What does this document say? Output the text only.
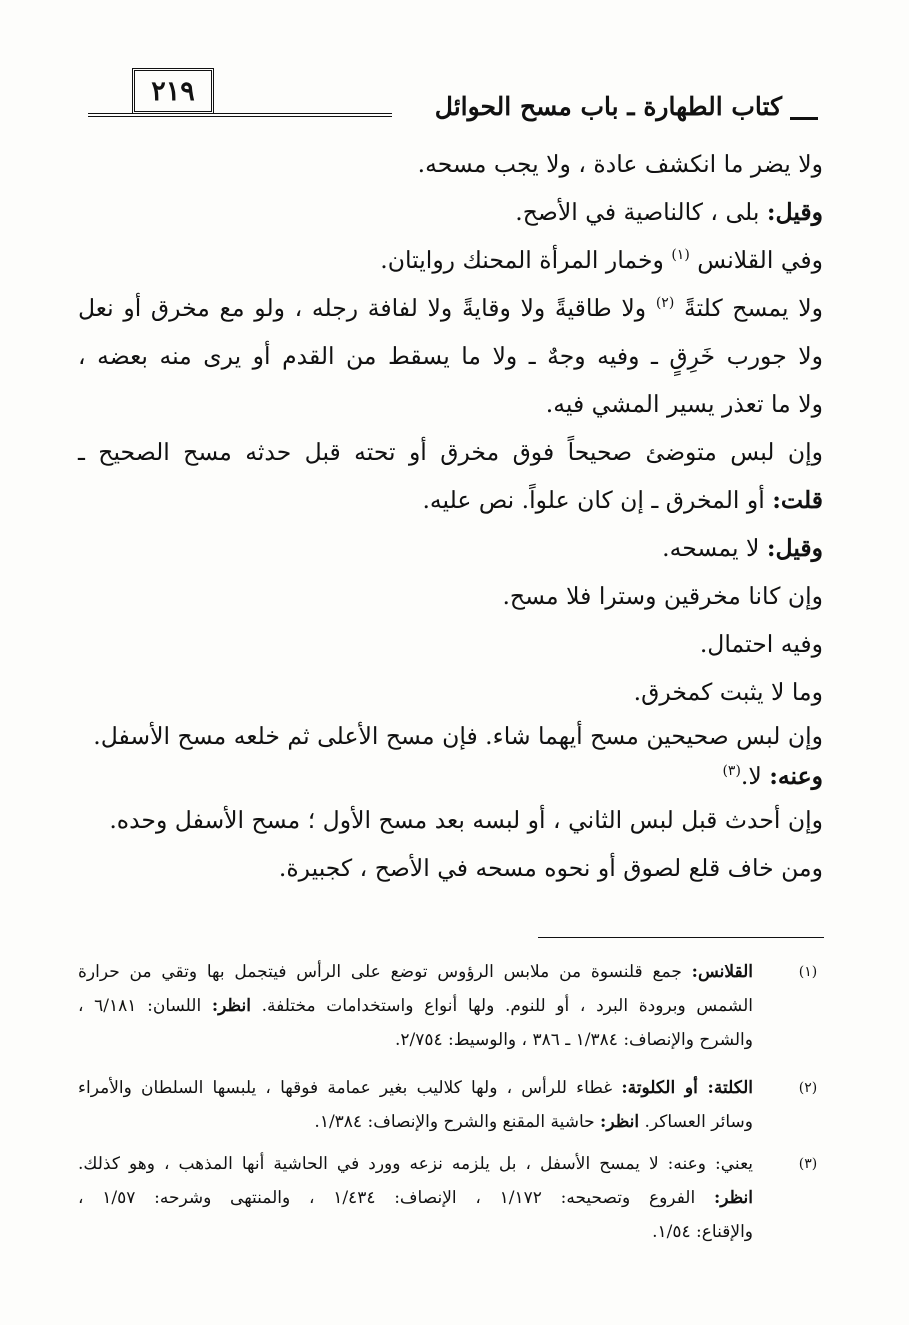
٢١٩	كتاب الطهارة ـ باب مسح الحوائل
ولا يضر ما انكشف عادة ، ولا يجب مسحه.
وقيل: بلى ، كالناصية في الأصح.
وفي القلانس $^{(١)}$ وخمار المرأة المحنك روايتان.
ولا يمسح كلتةً $^{(٢)}$ ولا طاقيةً ولا وقايةً ولا لفافة رجله ، ولو مع مخرق أو نعل
ولا جورب خَرِقٍ ـ وفيه وجهٌ ـ ولا ما يسقط من القدم أو يرى منه بعضه ،
ولا ما تعذر يسير المشي فيه.
وإن لبس متوضئ صحيحاً فوق مخرق أو تحته قبل حدثه مسح الصحيح ـ
قلت: أو المخرق ـ إن كان علواً. نص عليه.
وقيل: لا يمسحه.
وإن كانا مخرقين وسترا فلا مسح.
وفيه احتمال.
وما لا يثبت كمخرق.
وإن لبس صحيحين مسح أيهما شاء. فإن مسح الأعلى ثم خلعه مسح الأسفل.
وعنه: لا.$^{(٣)}$
وإن أحدث قبل لبس الثاني ، أو لبسه بعد مسح الأول ؛ مسح الأسفل وحده.
ومن خاف قلع لصوق أو نحوه مسحه في الأصح ، كجبيرة.
(١)
القلانس: جمع قلنسوة من ملابس الرؤوس توضع على الرأس فيتجمل بها وتقي من حرارة
الشمس وبرودة البرد ، أو للنوم. ولها أنواع واستخدامات مختلفة. انظر: اللسان: ٦/١٨١ ،
والشرح والإنصاف: ١/٣٨٤ ـ ٣٨٦ ، والوسيط: ٢/٧٥٤.
(٢)
الكلتة: أو الكلوتة: غطاء للرأس ، ولها كلاليب بغير عمامة فوقها ، يلبسها السلطان والأمراء
وسائر العساكر. انظر: حاشية المقنع والشرح والإنصاف: ١/٣٨٤.
(٣)
يعني: وعنه: لا يمسح الأسفل ، بل يلزمه نزعه وورد في الحاشية أنها المذهب ، وهو كذلك.
انظر: الفروع وتصحيحه: ١/١٧٢ ، الإنصاف: ١/٤٣٤ ، والمنتهى وشرحه: ١/٥٧ ،
والإقناع: ١/٥٤.
